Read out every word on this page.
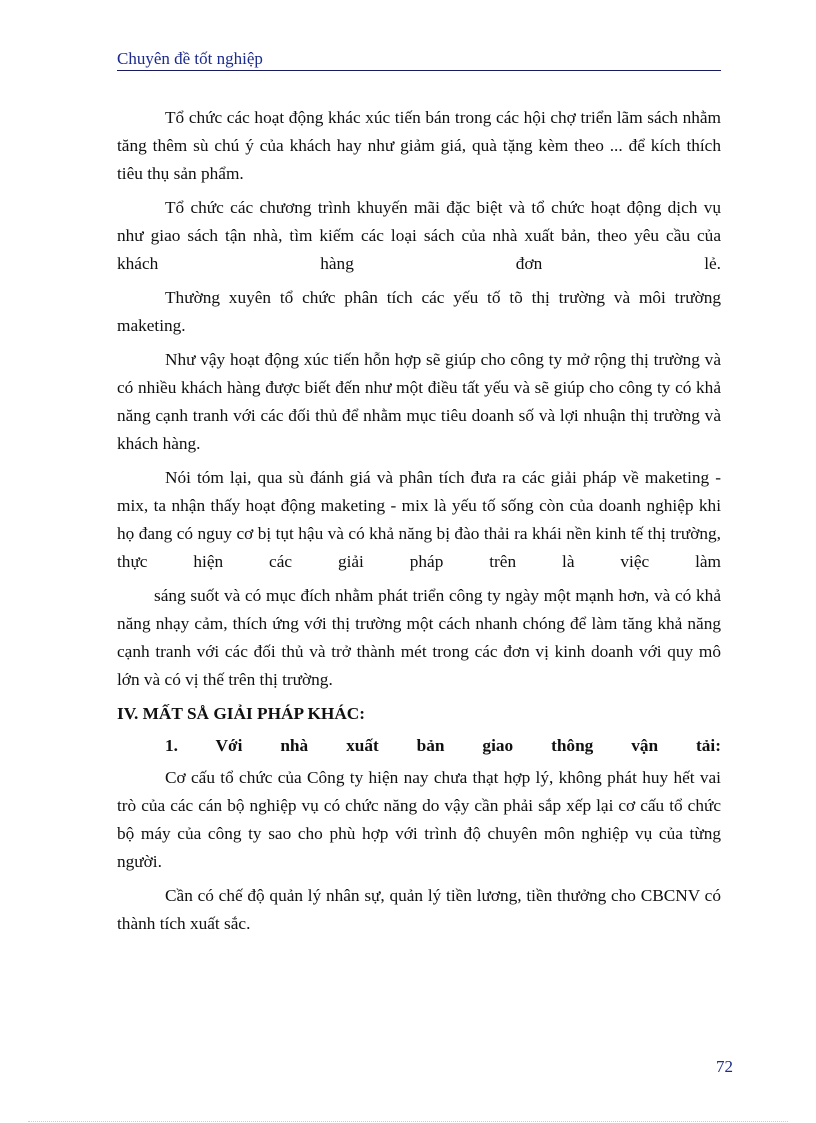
Chuyên đề tốt nghiệp

Tổ chức các hoạt động khác xúc tiến bán trong các hội chợ triển lãm sách nhằm tăng thêm sù chú ý của khách hay như giảm giá, quà tặng kèm theo ... để kích thích tiêu thụ sản phẩm.

Tổ chức các chương trình khuyến mãi đặc biệt và tổ chức hoạt động dịch vụ như giao sách tận nhà, tìm kiếm các loại sách của nhà xuất bản, theo yêu cầu của khách hàng đơn lẻ.

Thường xuyên tổ chức phân tích các yếu tố tõ thị trường và môi trường maketing.

Như vậy hoạt động xúc tiến hỗn hợp sẽ giúp cho công ty mở rộng thị trường và có nhiều khách hàng được biết đến như một điều tất yếu và sẽ giúp cho công ty có khả năng cạnh tranh với các đối thủ để nhằm mục tiêu doanh số và lợi nhuận thị trường và khách hàng.

Nói tóm lại, qua sù đánh giá và phân tích đưa ra các giải pháp về maketing - mix, ta nhận thấy hoạt động maketing - mix là yếu tố sống còn của doanh nghiệp khi họ đang có nguy cơ bị tụt hậu và có khả năng bị đào thải ra khái nền kinh tế thị trường, thực hiện các giải pháp trên là việc làm

sáng suốt và có mục đích nhằm phát triển công ty ngày một mạnh hơn, và có khả năng nhạy cảm, thích ứng với thị trường một cách nhanh chóng để làm tăng khả năng cạnh tranh với các đối thủ và trở thành mét trong các đơn vị kinh doanh với quy mô lớn và có vị thế trên thị trường.

IV. MẤT SÅ GIẢI PHÁP KHÁC:

1. Với nhà xuất bản giao thông vận tải:

Cơ cấu tổ chức của Công ty hiện nay chưa thạt hợp lý, không phát huy hết vai trò của các cán bộ nghiệp vụ có chức năng do vậy cần phải sắp xếp lại cơ cấu tổ chức bộ máy của công ty sao cho phù hợp với trình độ chuyên môn nghiệp vụ của từng người.

Cần có chế độ quản lý nhân sự, quản lý tiền lương, tiền thưởng cho CBCNV có thành tích xuất sắc.

72
